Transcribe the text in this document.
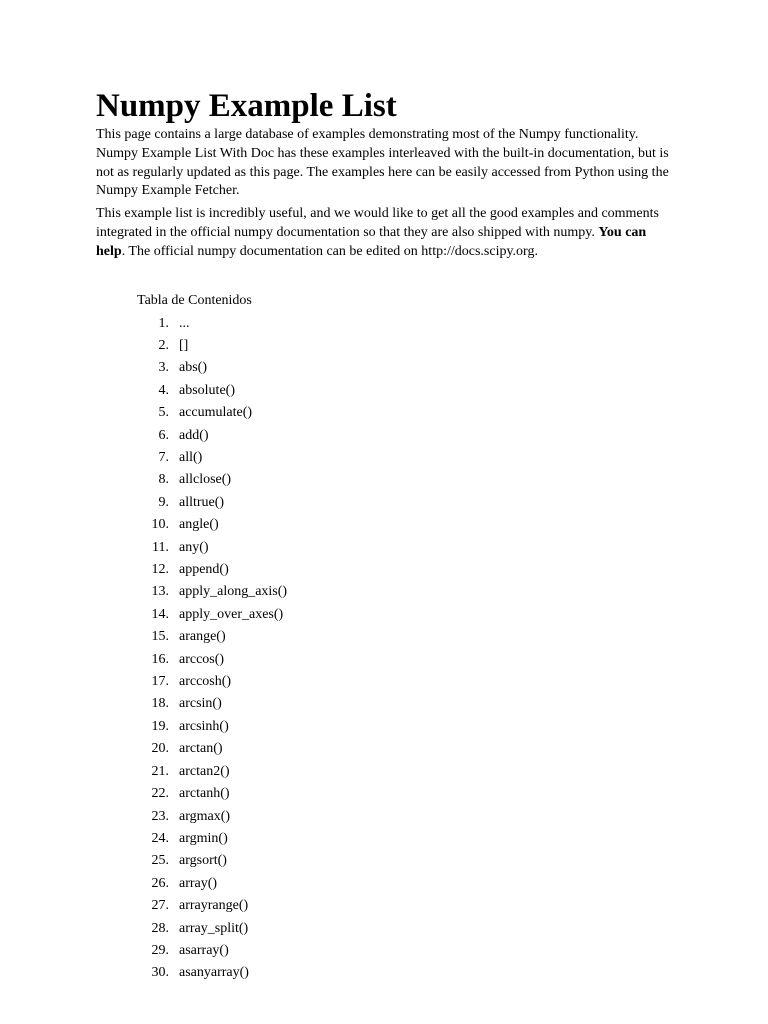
Numpy Example List

This page contains a large database of examples demonstrating most of the Numpy functionality. Numpy Example List With Doc has these examples interleaved with the built-in documentation, but is not as regularly updated as this page. The examples here can be easily accessed from Python using the Numpy Example Fetcher.

This example list is incredibly useful, and we would like to get all the good examples and comments integrated in the official numpy documentation so that they are also shipped with numpy. You can help. The official numpy documentation can be edited on http://docs.scipy.org.

Tabla de Contenidos
1. ...
2. []
3. abs()
4. absolute()
5. accumulate()
6. add()
7. all()
8. allclose()
9. alltrue()
10. angle()
11. any()
12. append()
13. apply_along_axis()
14. apply_over_axes()
15. arange()
16. arccos()
17. arccosh()
18. arcsin()
19. arcsinh()
20. arctan()
21. arctan2()
22. arctanh()
23. argmax()
24. argmin()
25. argsort()
26. array()
27. arrayrange()
28. array_split()
29. asarray()
30. asanyarray()
